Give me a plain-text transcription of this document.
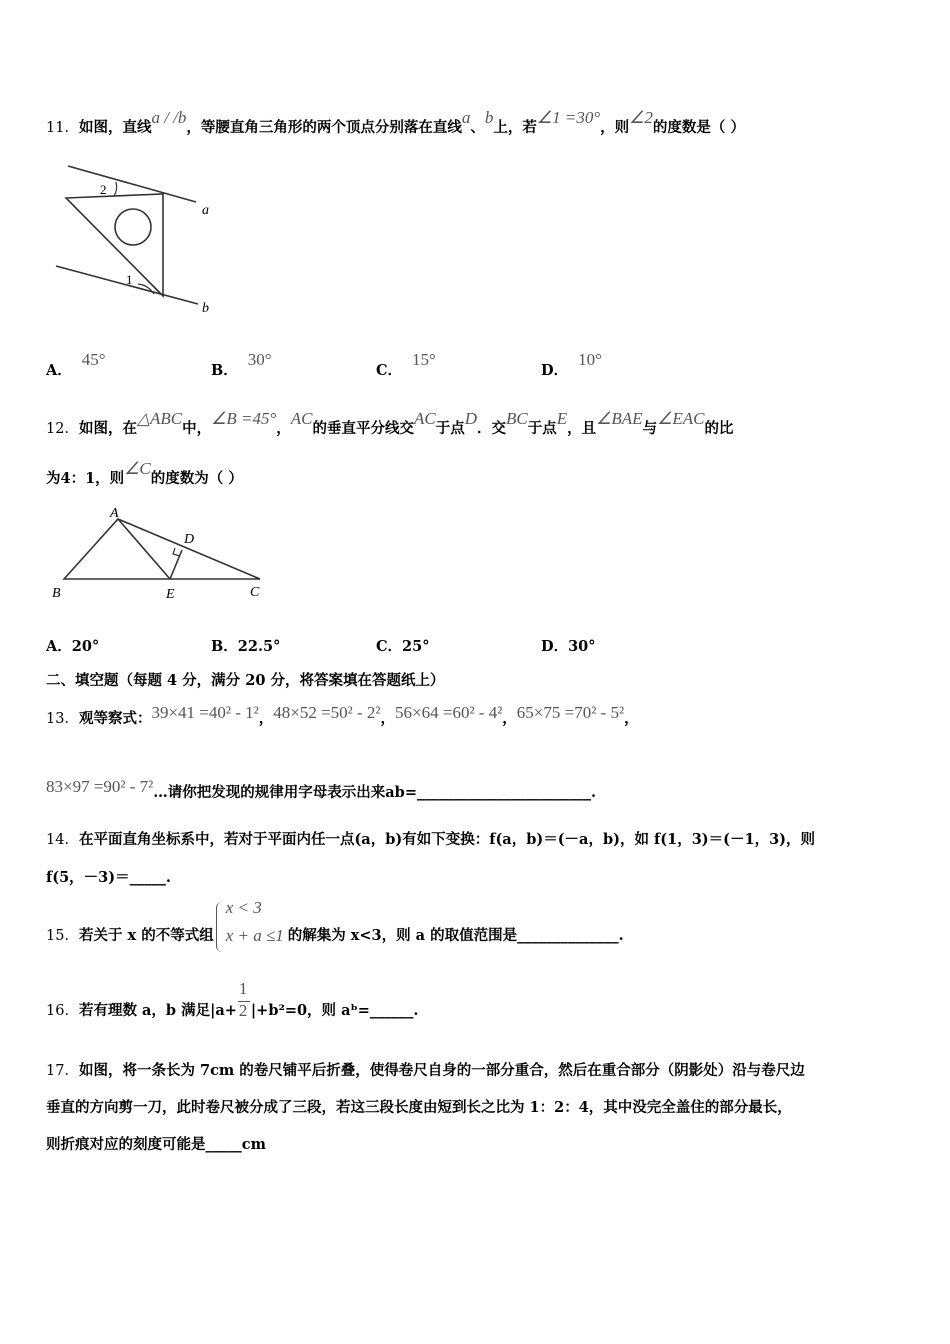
11．如图，直线a / /b，等腰直角三角形的两个顶点分别落在直线a、b上，若∠1 =30°，则∠2的度数是（ ）
a
b
2
1
A．45°
B．30°
C．15°
D．10°
12．如图，在△ABC中，∠B =45°，AC的垂直平分线交AC于点D．交BC于点E，且∠BAE与∠EAC的比
为4：1，则∠C的度数为（ ）
A
B	C
D
E
A．20°	B．22.5°	C．25°	D．30°
二、填空题（每题 4 分，满分 20 分，将答案填在答题纸上）
13．观等察式：39×41 =40² - 1²，48×52 =50² - 2²，56×64 =60² - 4²，65×75 =70² - 5²，
83×97 =90² - 7²…请你把发现的规律用字母表示出来ab=________________________.
14．在平面直角坐标系中，若对于平面内任一点(a，b)有如下变换：f(a，b)＝(－a，b)，如 f(1，3)＝(－1，3)，则
f(5，－3)＝_____.
15．若关于 x 的不等式组
x < 3
x + a ≤1 的解集为 x<3，则 a 的取值范围是______________.
16．若有理数 a，b 满足$|a+ \frac{1}{2} |+b^2=0$，则 aᵇ=______.
17．如图，将一条长为 7cm 的卷尺铺平后折叠，使得卷尺自身的一部分重合，然后在重合部分（阴影处）沿与卷尺边
垂直的方向剪一刀，此时卷尺被分成了三段，若这三段长度由短到长之比为 1：2：4，其中没完全盖住的部分最长，
则折痕对应的刻度可能是_____cm
